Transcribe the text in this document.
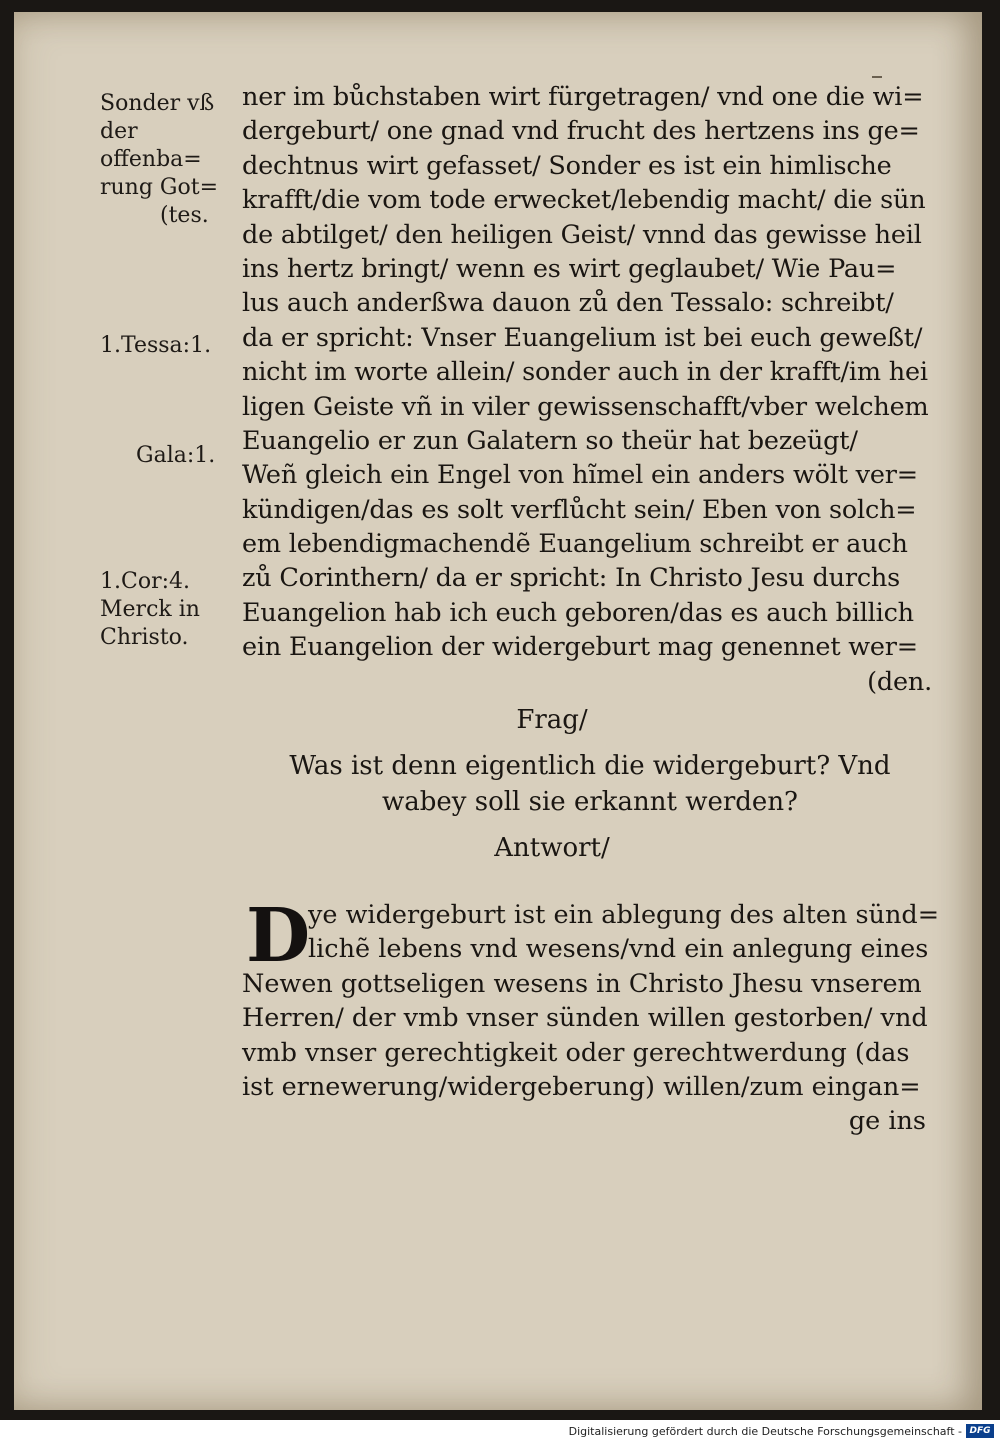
Sonder vß
der offenba=
rung Got=
(tes.
1.Tessa:1.
Gala:1.
1.Cor:4.
Merck in
Christo.
ner im bůchstaben wirt fürgetragen/ vnd one die wi=
dergeburt/ one gnad vnd frucht des hertzens ins ge=
dechtnus wirt gefasset/ Sonder es ist ein himlische
krafft/die vom tode erwecket/lebendig macht/ die sün
de abtilget/ den heiligen Geist/ vnnd das gewisse heil
ins hertz bringt/ wenn es wirt geglaubet/ Wie Pau=
lus auch anderßwa dauon zů den Tessalo: schreibt/
da er spricht: Vnser Euangelium ist bei euch geweßt/
nicht im worte allein/ sonder auch in der krafft/im hei
ligen Geiste vñ in viler gewissenschafft/vber welchem
Euangelio er zun Galatern so theür hat bezeügt/
Weñ gleich ein Engel von hĩmel ein anders wölt ver=
kündigen/das es solt verflůcht sein/ Eben von solch=
em lebendigmachendẽ Euangelium schreibt er auch
zů Corinthern/ da er spricht: In Christo Jesu durchs
Euangelion hab ich euch geboren/das es auch billich
ein Euangelion der widergeburt mag genennet wer=
(den.
Frag/
Was ist denn eigentlich die widergeburt? Vnd
wabey soll sie erkannt werden?
Antwort/
D
ye widergeburt ist ein ablegung des alten sünd=
lichẽ lebens vnd wesens/vnd ein anlegung eines
Newen gottseligen wesens in Christo Jhesu vnserem
Herren/ der vmb vnser sünden willen gestorben/ vnd
vmb vnser gerechtigkeit oder gerechtwerdung (das
ist ernewerung/widergeberung) willen/zum eingan=
ge ins
Digitalisierung gefördert durch die Deutsche Forschungsgemeinschaft - DFG
